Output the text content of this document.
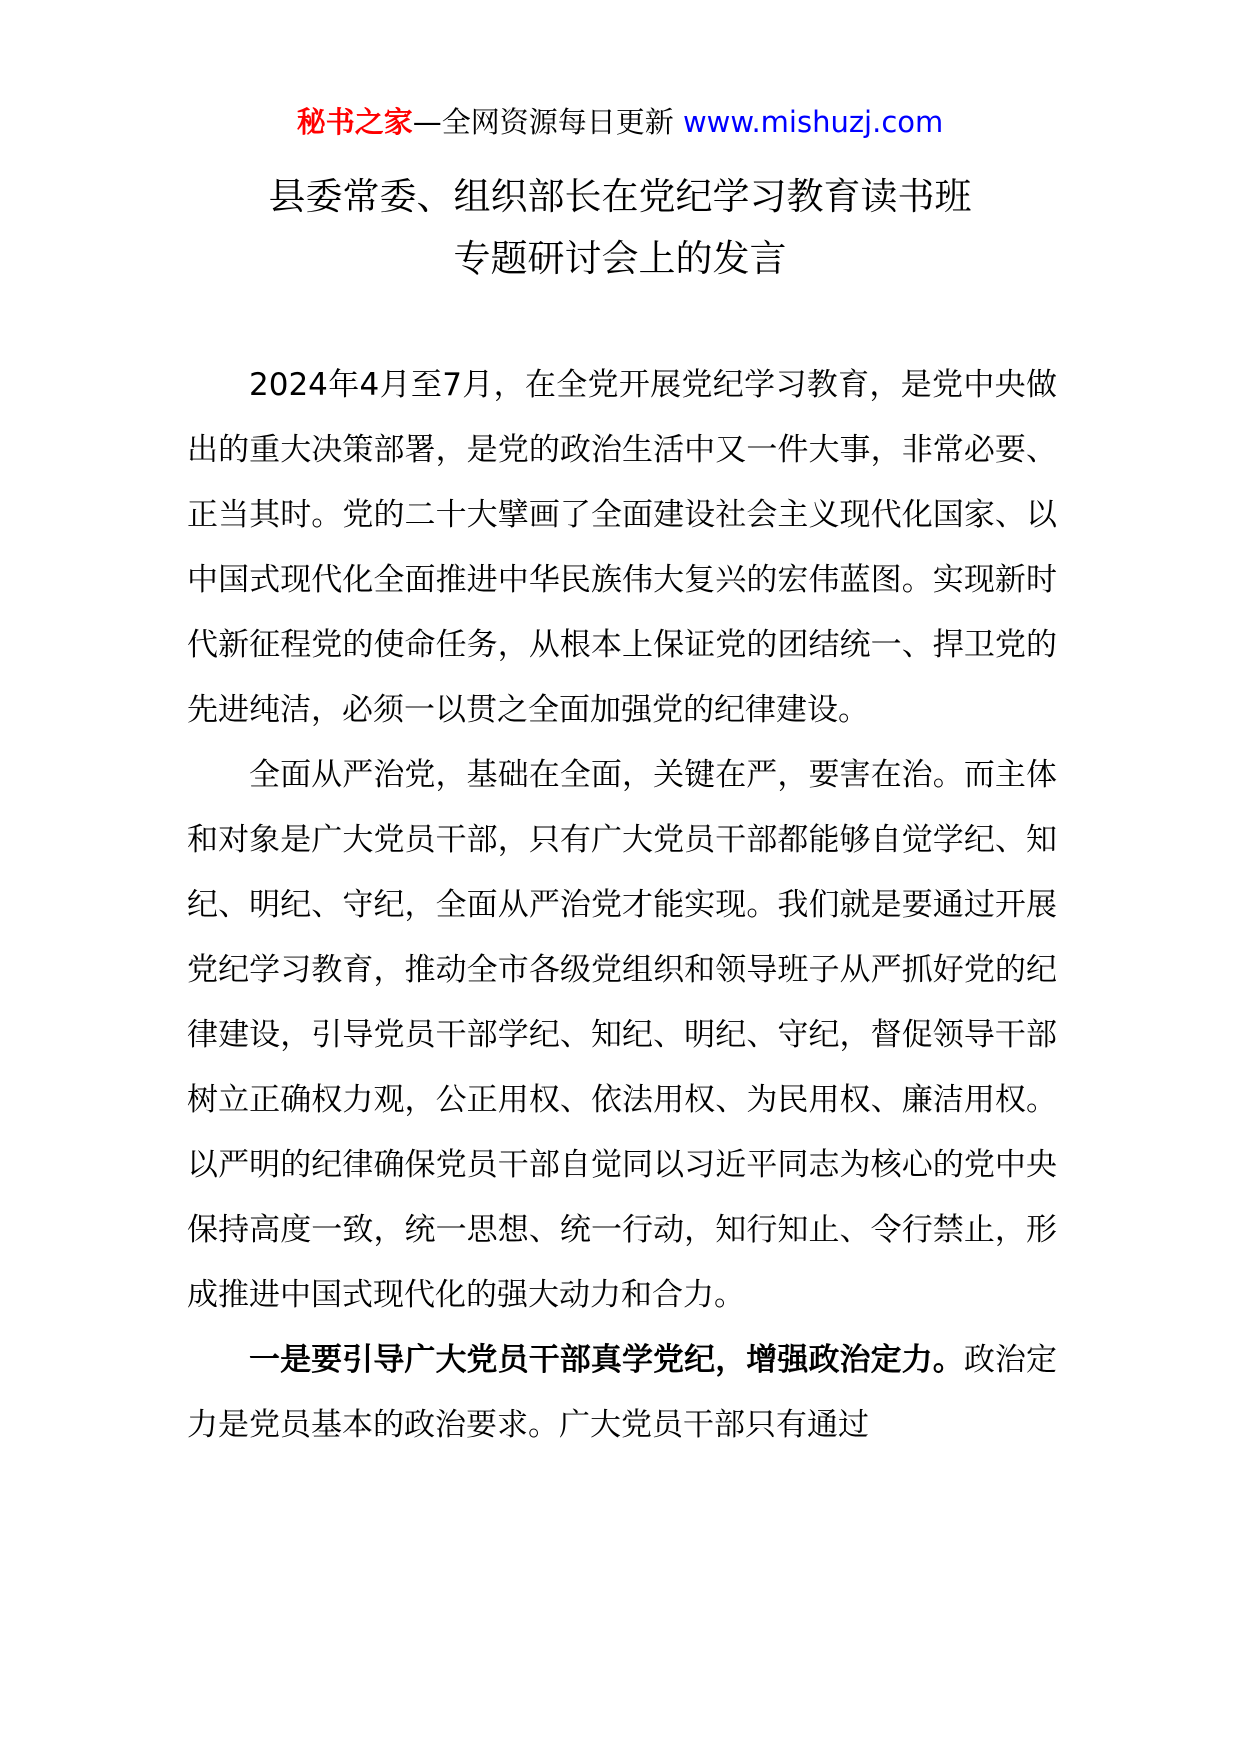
秘书之家—全网资源每日更新 www.mishuzj.com
县委常委、组织部长在党纪学习教育读书班
专题研讨会上的发言

2024年4月至7月，在全党开展党纪学习教育，是党中央做出的重大决策部署，是党的政治生活中又一件大事，非常必要、正当其时。党的二十大擘画了全面建设社会主义现代化国家、以中国式现代化全面推进中华民族伟大复兴的宏伟蓝图。实现新时代新征程党的使命任务，从根本上保证党的团结统一、捍卫党的先进纯洁，必须一以贯之全面加强党的纪律建设。

全面从严治党，基础在全面，关键在严，要害在治。而主体和对象是广大党员干部，只有广大党员干部都能够自觉学纪、知纪、明纪、守纪，全面从严治党才能实现。我们就是要通过开展党纪学习教育，推动全市各级党组织和领导班子从严抓好党的纪律建设，引导党员干部学纪、知纪、明纪、守纪，督促领导干部树立正确权力观，公正用权、依法用权、为民用权、廉洁用权。以严明的纪律确保党员干部自觉同以习近平同志为核心的党中央保持高度一致，统一思想、统一行动，知行知止、令行禁止，形成推进中国式现代化的强大动力和合力。

一是要引导广大党员干部真学党纪，增强政治定力。政治定力是党员基本的政治要求。广大党员干部只有通过
